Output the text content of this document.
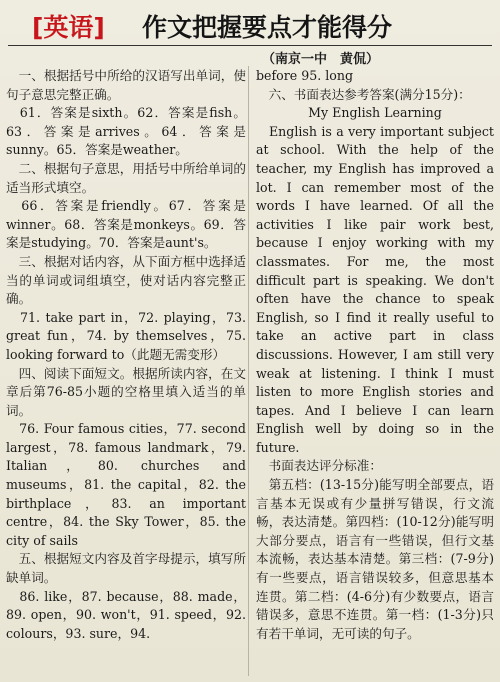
[英语] 作文把握要点才能得分
（南京一中　黄侃）

　一、根据括号中所给的汉语写出单词，使句子意思完整正确。

　61．答案是sixth。62．答案是fish。63．答案是arrives。64．答案是sunny。65．答案是weather。

　二、根据句子意思，用括号中所给单词的适当形式填空。

　66．答案是friendly。67．答案是winner。68．答案是monkeys。69．答案是studying。70．答案是aunt's。

　三、根据对话内容，从下面方框中选择适当的单词或词组填空，使对话内容完整正确。

　71. take part in，72. playing，73. great fun，74. by themselves，75. looking forward to（此题无需变形）

　四、阅读下面短文。根据所读内容，在文章后第76-85小题的空格里填入适当的单词。

　76. Four famous cities，77. second largest，78. famous landmark，79. Italian，80. churches and museums，81. the capital，82. the birthplace，83. an important centre，84. the Sky Tower，85. the city of sails

　五、根据短文内容及首字母提示，填写所缺单词。

　86. like，87. because，88. made，89. open，90. won't，91. speed，92. colours，93. sure，94.

before 95. long

　六、书面表达参考答案(满分15分)：

My English Learning

　English is a very important subject at school. With the help of the teacher, my English has improved a lot. I can remember most of the words I have learned. Of all the activities I like pair work best, because I enjoy working with my classmates. For me, the most difficult part is speaking. We don't often have the chance to speak English, so I find it really useful to take an active part in class discussions. However, I am still very weak at listening. I think I must listen to more English stories and tapes. And I believe I can learn English well by doing so in the future.

　书面表达评分标准：

　第五档：(13-15分)能写明全部要点，语言基本无误或有少量拼写错误，行文流畅，表达清楚。第四档：(10-12分)能写明大部分要点，语言有一些错误，但行文基本流畅，表达基本清楚。第三档：(7-9分)有一些要点，语言错误较多，但意思基本连贯。第二档：(4-6分)有少数要点，语言错误多，意思不连贯。第一档：(1-3分)只有若干单词，无可读的句子。
